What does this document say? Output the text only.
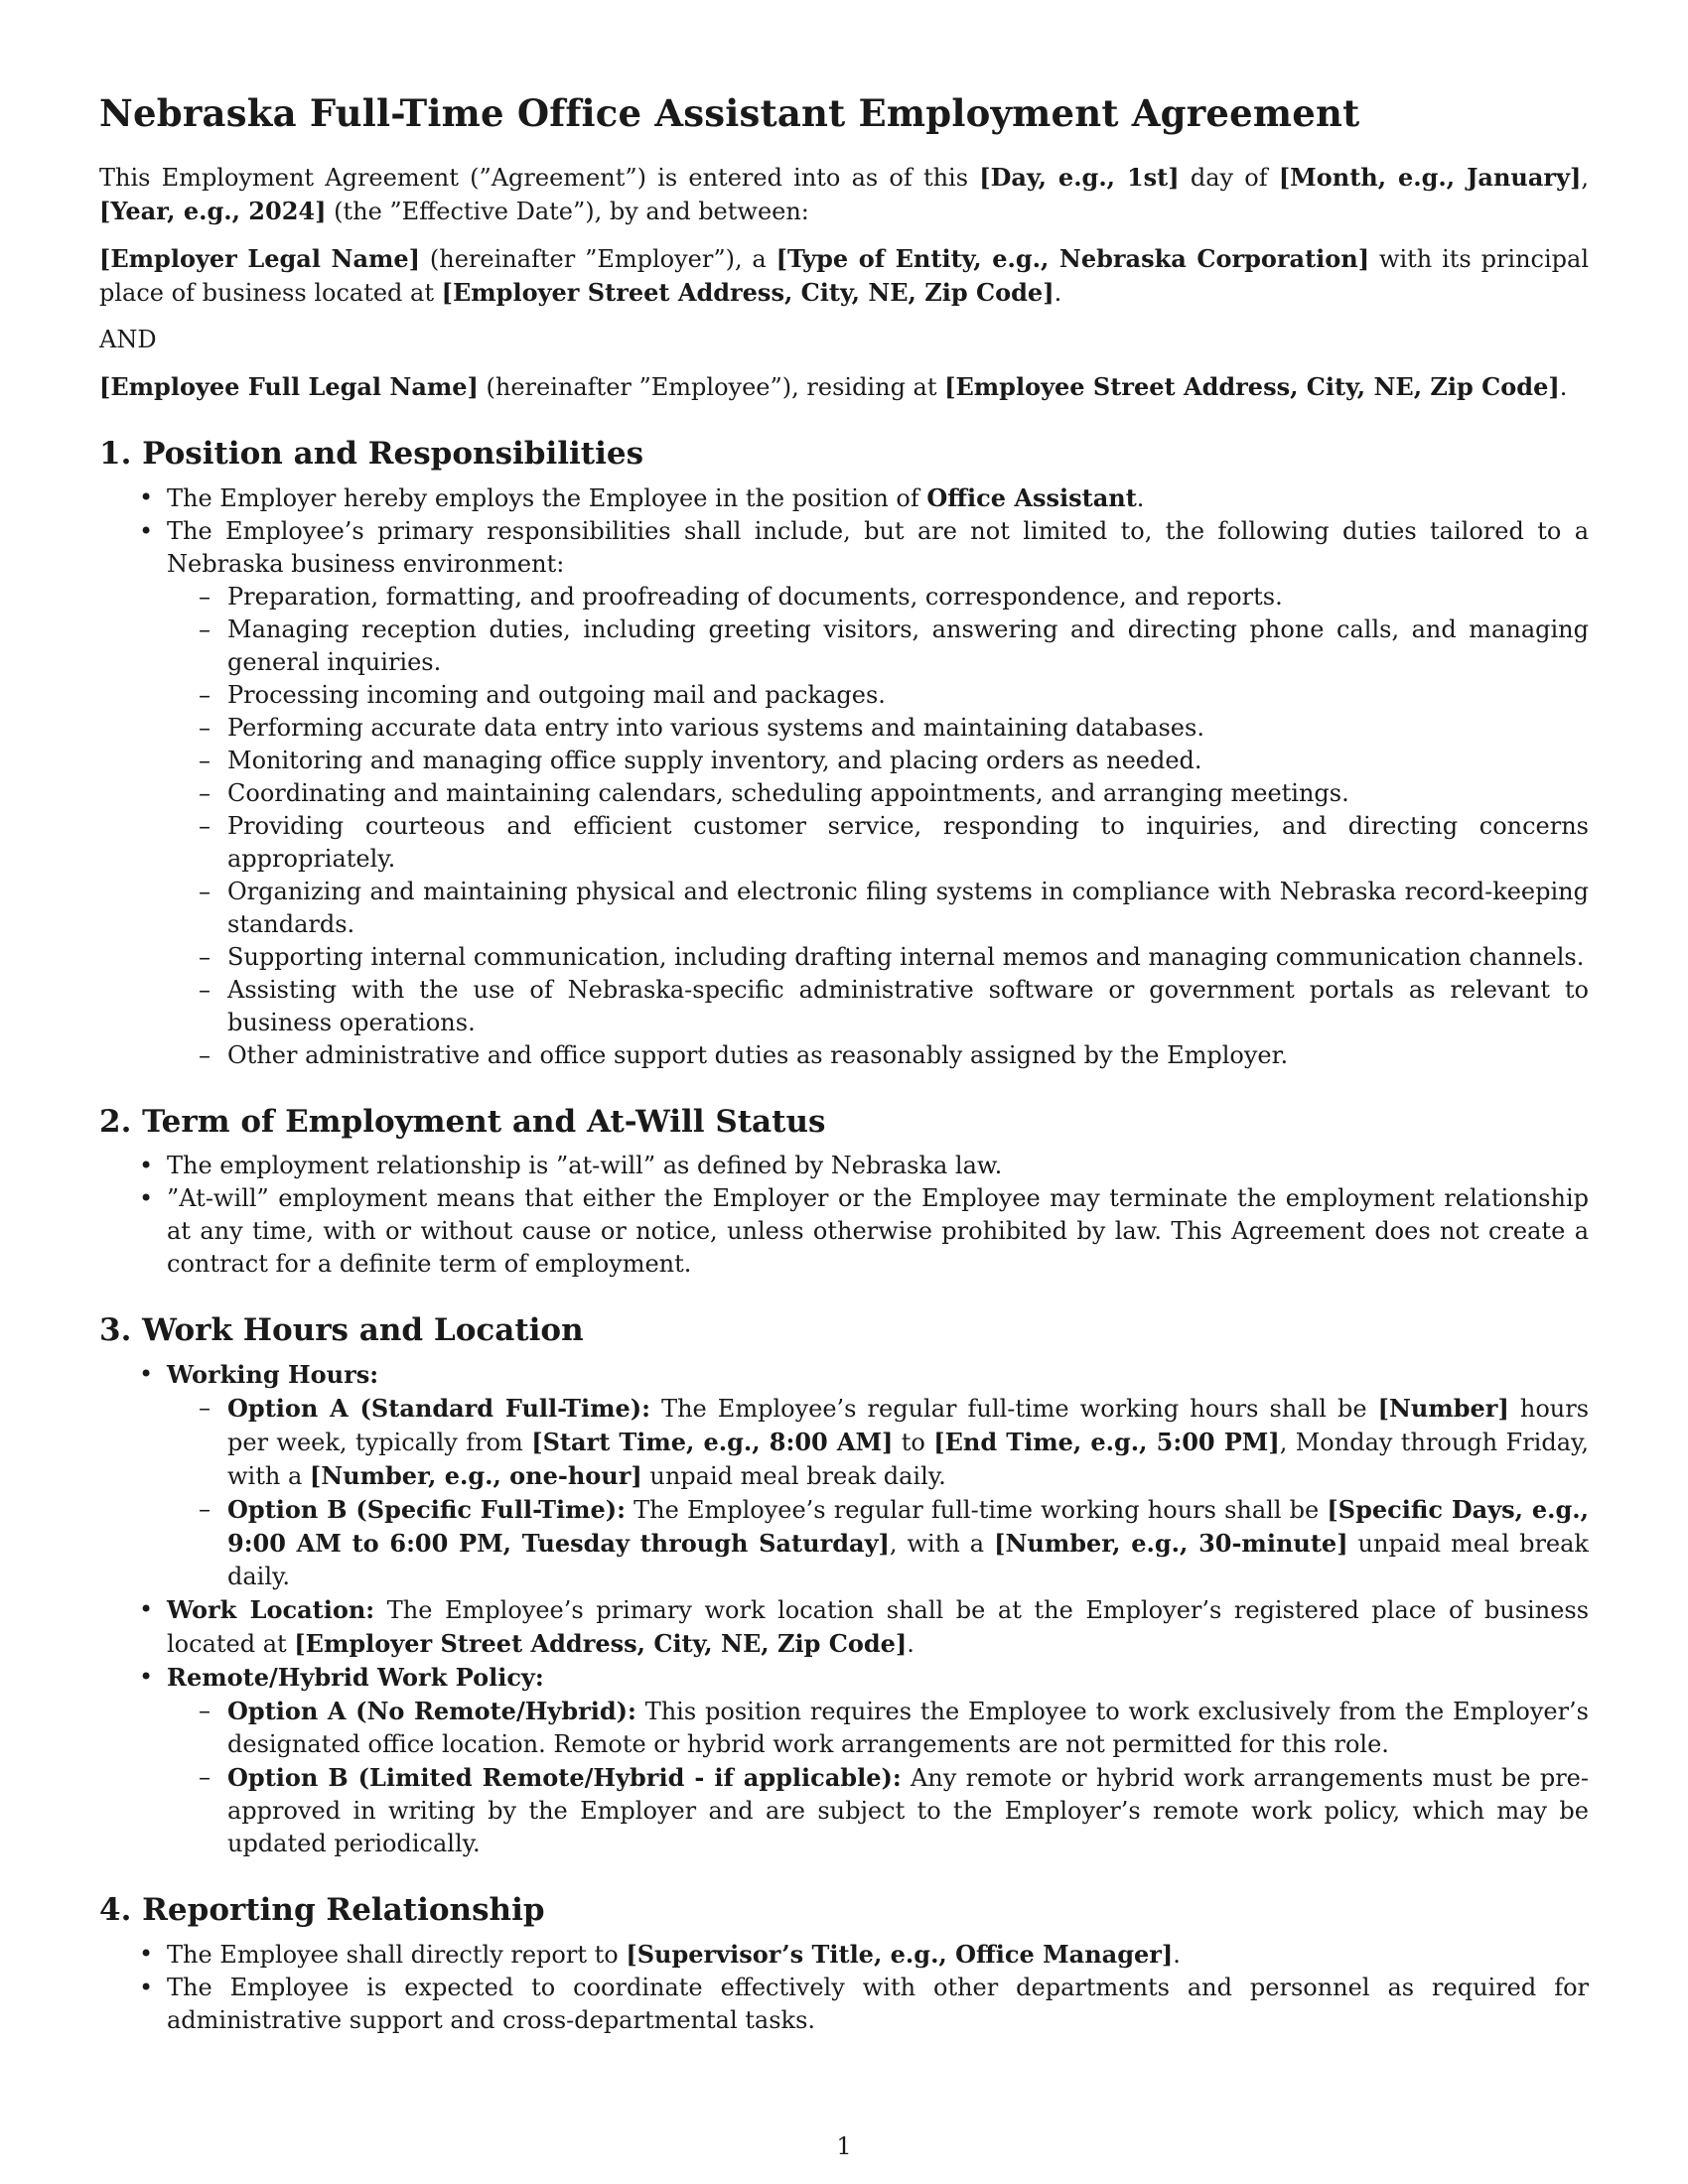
Nebraska Full-Time Office Assistant Employment Agreement

This Employment Agreement (”Agreement”) is entered into as of this [Day, e.g., 1st] day of [Month, e.g., January], [Year, e.g., 2024] (the ”Effective Date”), by and between:

[Employer Legal Name] (hereinafter ”Employer”), a [Type of Entity, e.g., Nebraska Corporation] with its principal place of business located at [Employer Street Address, City, NE, Zip Code].

AND

[Employee Full Legal Name] (hereinafter ”Employee”), residing at [Employee Street Address, City, NE, Zip Code].

1. Position and Responsibilities
• The Employer hereby employs the Employee in the position of Office Assistant.
• The Employee’s primary responsibilities shall include, but are not limited to, the following duties tailored to a Nebraska business environment:
– Preparation, formatting, and proofreading of documents, correspondence, and reports.
– Managing reception duties, including greeting visitors, answering and directing phone calls, and managing general inquiries.
– Processing incoming and outgoing mail and packages.
– Performing accurate data entry into various systems and maintaining databases.
– Monitoring and managing office supply inventory, and placing orders as needed.
– Coordinating and maintaining calendars, scheduling appointments, and arranging meetings.
– Providing courteous and efficient customer service, responding to inquiries, and directing concerns appropriately.
– Organizing and maintaining physical and electronic filing systems in compliance with Nebraska record-keeping standards.
– Supporting internal communication, including drafting internal memos and managing communication channels.
– Assisting with the use of Nebraska-specific administrative software or government portals as relevant to business operations.
– Other administrative and office support duties as reasonably assigned by the Employer.
2. Term of Employment and At-Will Status
• The employment relationship is ”at-will” as defined by Nebraska law.
• ”At-will” employment means that either the Employer or the Employee may terminate the employment relationship at any time, with or without cause or notice, unless otherwise prohibited by law. This Agreement does not create a contract for a definite term of employment.
3. Work Hours and Location
• Working Hours:
– Option A (Standard Full-Time): The Employee’s regular full-time working hours shall be [Number] hours per week, typically from [Start Time, e.g., 8:00 AM] to [End Time, e.g., 5:00 PM], Monday through Friday, with a [Number, e.g., one-hour] unpaid meal break daily.
– Option B (Specific Full-Time): The Employee’s regular full-time working hours shall be [Specific Days, e.g., 9:00 AM to 6:00 PM, Tuesday through Saturday], with a [Number, e.g., 30-minute] unpaid meal break daily.
• Work Location: The Employee’s primary work location shall be at the Employer’s registered place of business located at [Employer Street Address, City, NE, Zip Code].
• Remote/Hybrid Work Policy:
– Option A (No Remote/Hybrid): This position requires the Employee to work exclusively from the Employer’s designated office location. Remote or hybrid work arrangements are not permitted for this role.
– Option B (Limited Remote/Hybrid - if applicable): Any remote or hybrid work arrangements must be pre-approved in writing by the Employer and are subject to the Employer’s remote work policy, which may be updated periodically.
4. Reporting Relationship
• The Employee shall directly report to [Supervisor’s Title, e.g., Office Manager].
• The Employee is expected to coordinate effectively with other departments and personnel as required for administrative support and cross-departmental tasks.
1
